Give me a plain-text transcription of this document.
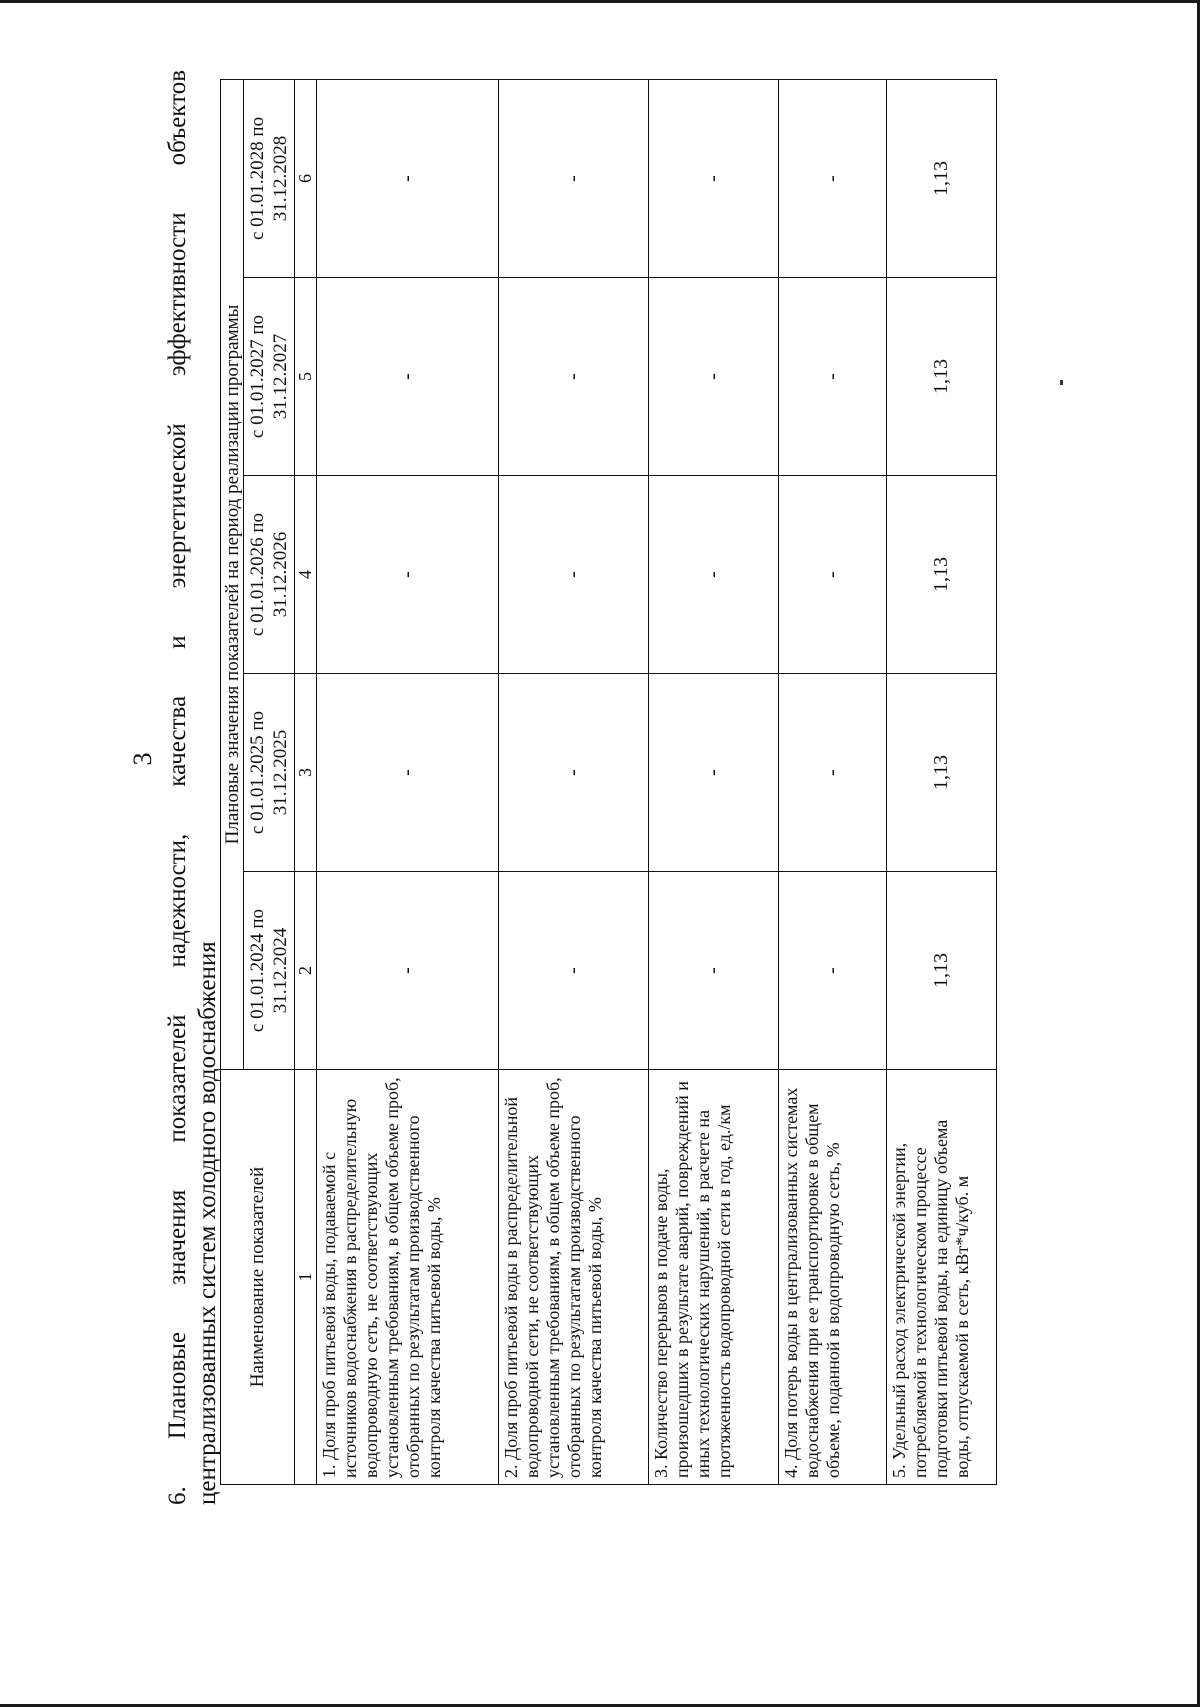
3
6.
Плановые
значения
показателей
надежности,
качества
и
энергетической
эффективности
объектов
централизованных систем холодного водоснабжения Наименование показателей	Плановые значения показателей на период реализации программы				
	с 01.01.2024 по 31.12.2024	с 01.01.2025 по 31.12.2025	с 01.01.2026 по 31.12.2026	с 01.01.2027 по 31.12.2027	с 01.01.2028 по 31.12.2028
1	2	3	4	5	6
1. Доля проб питьевой воды, подаваемой с источников водоснабжения в распределительную водопроводную сеть, не соответствующих установленным требованиям, в общем объеме проб, отобранных по результатам производственного контроля качества питьевой воды, %	-	-	-	-	-
2. Доля проб питьевой воды в распределительной водопроводной сети, не соответствующих установленным требованиям, в общем объеме проб, отобранных по результатам производственного контроля качества питьевой воды, %	-	-	-	-	-
3. Количество перерывов в подаче воды, произошедших в результате аварий, повреждений и иных технологических нарушений, в расчете на протяженность водопроводной сети в год, ед./км	-	-	-	-	-
4. Доля потерь воды в централизованных системах водоснабжения при ее транспортировке в общем объеме, поданной в водопроводную сеть, %	-	-	-	-	-
5. Удельный расход электрической энергии, потребляемой в технологическом процессе подготовки питьевой воды, на единицу объема воды, отпускаемой в сеть, кВт*ч/куб. м	1,13	1,13	1,13	1,13	1,13
